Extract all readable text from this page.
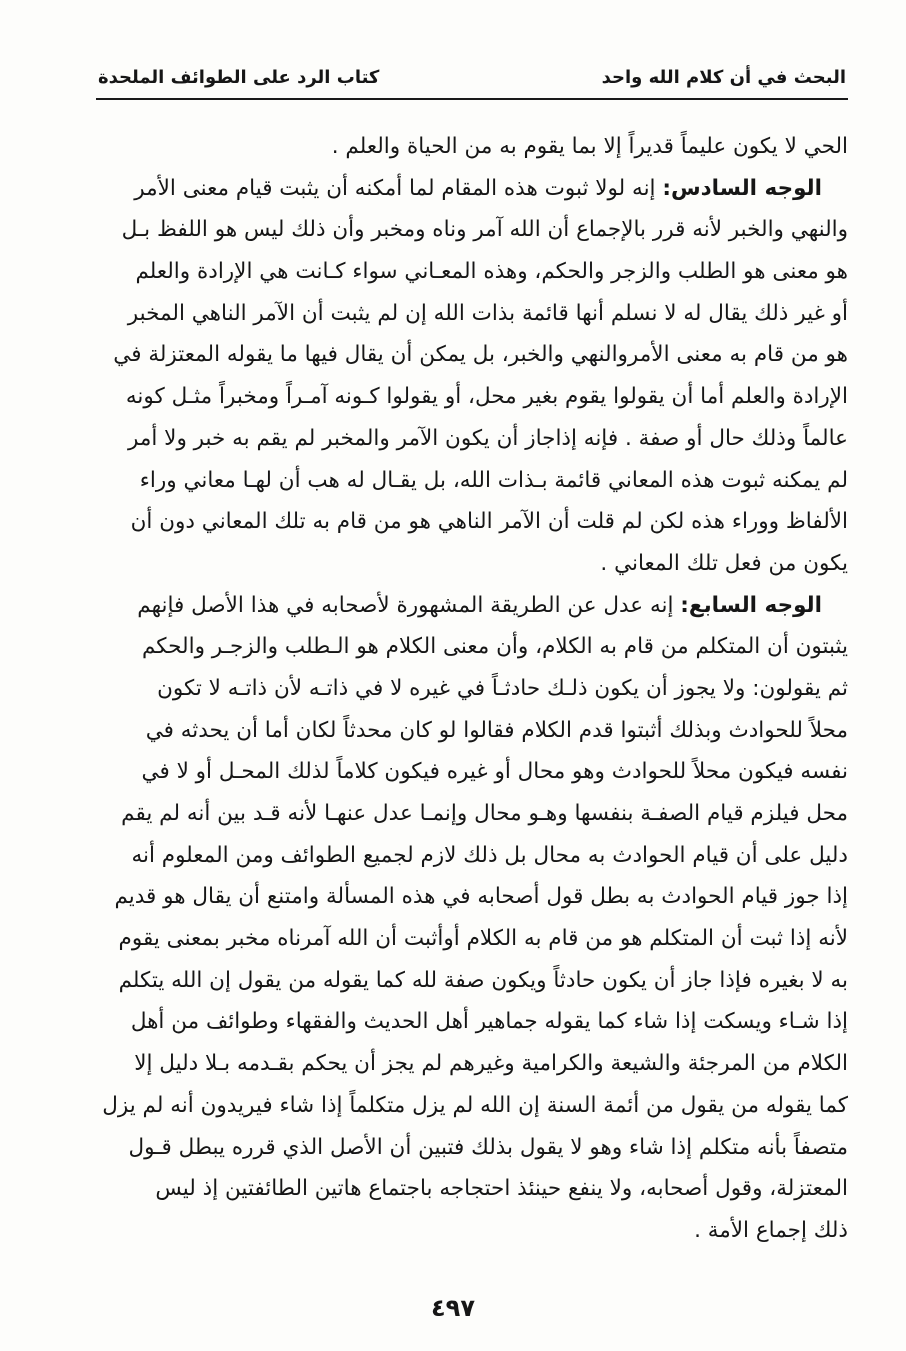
البحث في أن كلام الله واحد
كتاب الرد على الطوائف الملحدة
الحي لا يكون عليماً قديراً إلا بما يقوم به من الحياة والعلم .
الوجه السادس: إنه لولا ثبوت هذه المقام لما أمكنه أن يثبت قيام معنى الأمر
والنهي والخبر لأنه قرر بالإجماع أن الله آمر وناه ومخبر وأن ذلك ليس هو اللفظ بـل
هو معنى هو الطلب والزجر والحكم، وهذه المعـاني سواء كـانت هي الإرادة والعلم
أو غير ذلك يقال له لا نسلم أنها قائمة بذات الله إن لم يثبت أن الآمر الناهي المخبر
هو من قام به معنى الأمروالنهي والخبر، بل يمكن أن يقال فيها ما يقوله المعتزلة في
الإرادة والعلم أما أن يقولوا يقوم بغير محل، أو يقولوا كـونه آمـراً ومخبراً مثـل كونه
عالماً وذلك حال أو صفة . فإنه إذاجاز أن يكون الآمر والمخبر لم يقم به خبر ولا أمر
لم يمكنه ثبوت هذه المعاني قائمة بـذات الله، بل يقـال له هب أن لهـا معاني وراء
الألفاظ ووراء هذه لكن لم قلت أن الآمر الناهي هو من قام به تلك المعاني دون أن
يكون من فعل تلك المعاني .
الوجه السابع: إنه عدل عن الطريقة المشهورة لأصحابه في هذا الأصل فإنهم
يثبتون أن المتكلم من قام به الكلام، وأن معنى الكلام هو الـطلب والزجـر والحكم
ثم يقولون: ولا يجوز أن يكون ذلـك حادثـاً في غيره لا في ذاتـه لأن ذاتـه لا تكون
محلاً للحوادث وبذلك أثبتوا قدم الكلام فقالوا لو كان محدثاً لكان أما أن يحدثه في
نفسه فيكون محلاً للحوادث وهو محال أو غيره فيكون كلاماً لذلك المحـل أو لا في
محل فيلزم قيام الصفـة بنفسها وهـو محال وإنمـا عدل عنهـا لأنه قـد بين أنه لم يقم
دليل على أن قيام الحوادث به محال بل ذلك لازم لجميع الطوائف ومن المعلوم أنه
إذا جوز قيام الحوادث به بطل قول أصحابه في هذه المسألة وامتنع أن يقال هو قديم
لأنه إذا ثبت أن المتكلم هو من قام به الكلام أوأثبت أن الله آمرناه مخبر بمعنى يقوم
به لا بغيره فإذا جاز أن يكون حادثاً ويكون صفة لله كما يقوله من يقول إن الله يتكلم
إذا شـاء ويسكت إذا شاء كما يقوله جماهير أهل الحديث والفقهاء وطوائف من أهل
الكلام من المرجئة والشيعة والكرامية وغيرهم لم يجز أن يحكم بقـدمه بـلا دليل إلا
كما يقوله من يقول من أئمة السنة إن الله لم يزل متكلماً إذا شاء فيريدون أنه لم يزل
متصفاً بأنه متكلم إذا شاء وهو لا يقول بذلك فتبين أن الأصل الذي قرره يبطل قـول
المعتزلة، وقول أصحابه، ولا ينفع حينئذ احتجاجه باجتماع هاتين الطائفتين إذ ليس
ذلك إجماع الأمة .
٤٩٧
